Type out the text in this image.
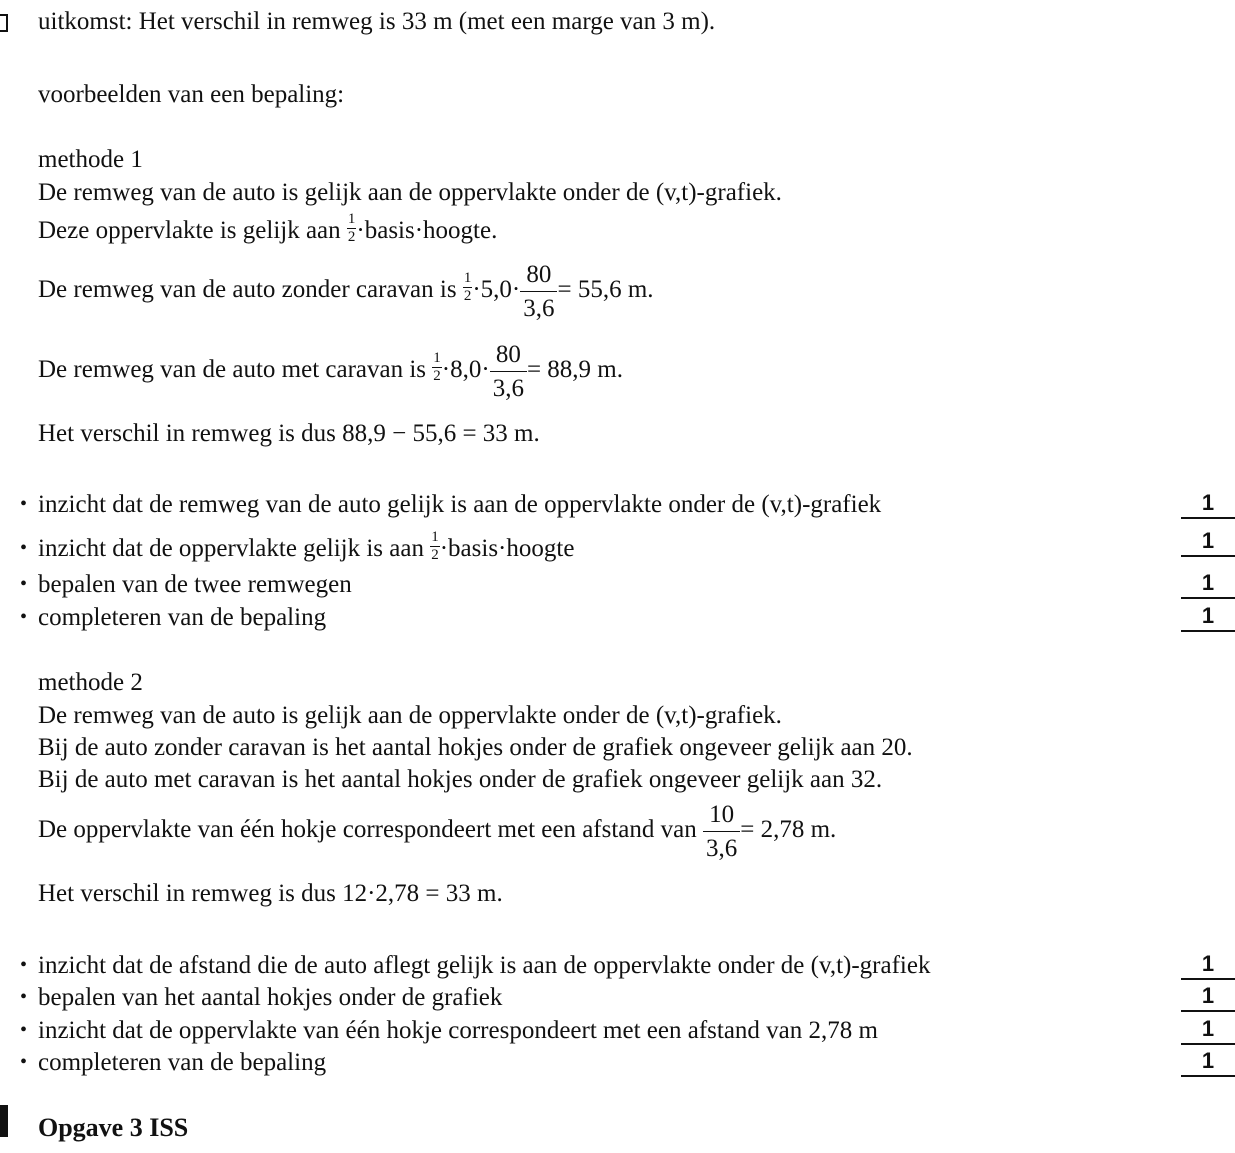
uitkomst: Het verschil in remweg is 33 m (met een marge van 3 m).
voorbeelden van een bepaling:
methode 1
De remweg van de auto is gelijk aan de oppervlakte onder de (v,t)-grafiek.
Deze oppervlakte is gelijk aan $\frac{1}{2}$ ·basis·hoogte.
De remweg van de auto zonder caravan is $\frac{1}{2} \cdot 5,0\cdot \frac{80}{3,6} = 55,6$ m.
De remweg van de auto met caravan is $\frac{1}{2} \cdot 8,0\cdot \frac{80}{3,6} = 88,9$ m.
Het verschil in remweg is dus 88,9 − 55,6 = 33 m.
• inzicht dat de remweg van de auto gelijk is aan de oppervlakte onder de (v,t)-grafiek	1
• inzicht dat de oppervlakte gelijk is aan $\frac{1}{2}$ ·basis·hoogte	1
• bepalen van de twee remwegen	1
• completeren van de bepaling	1
methode 2
De remweg van de auto is gelijk aan de oppervlakte onder de (v,t)-grafiek.
Bij de auto zonder caravan is het aantal hokjes onder de grafiek ongeveer gelijk aan 20.
Bij de auto met caravan is het aantal hokjes onder de grafiek ongeveer gelijk aan 32.
De oppervlakte van één hokje correspondeert met een afstand van $\frac{10}{3,6} = 2,78$ m.
Het verschil in remweg is dus 12·2,78 = 33 m.
• inzicht dat de afstand die de auto aflegt gelijk is aan de oppervlakte onder de (v,t)-grafiek	1
• bepalen van het aantal hokjes onder de grafiek	1
• inzicht dat de oppervlakte van één hokje correspondeert met een afstand van 2,78 m	1
• completeren van de bepaling	1
Opgave 3 ISS
